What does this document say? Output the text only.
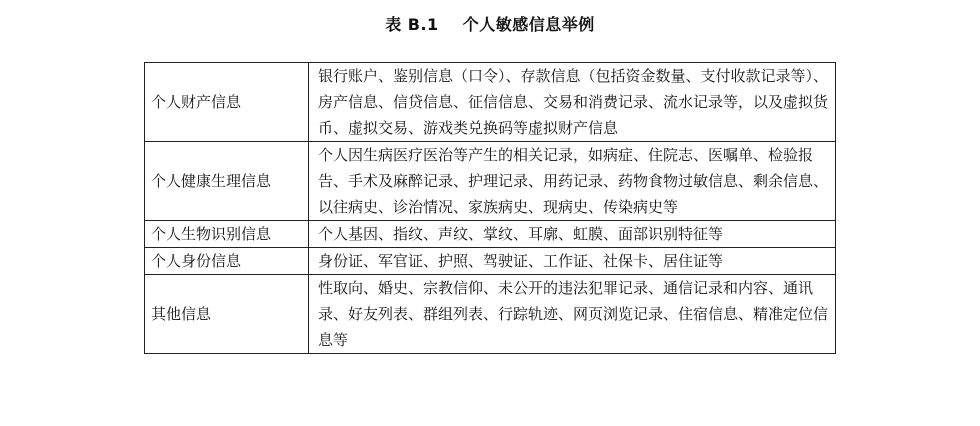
表 B.1 个人敏感信息举例
个人财产信息	银行账户、鉴别信息（口令）、存款信息（包括资金数量、支付收款记录等）、房产信息、信贷信息、征信信息、交易和消费记录、流水记录等，以及虚拟货币、虚拟交易、游戏类兑换码等虚拟财产信息
个人健康生理信息	个人因生病医疗医治等产生的相关记录，如病症、住院志、医嘱单、检验报告、手术及麻醉记录、护理记录、用药记录、药物食物过敏信息、剩余信息、以往病史、诊治情况、家族病史、现病史、传染病史等
个人生物识别信息	个人基因、指纹、声纹、掌纹、耳廓、虹膜、面部识别特征等
个人身份信息	身份证、军官证、护照、驾驶证、工作证、社保卡、居住证等
其他信息	性取向、婚史、宗教信仰、未公开的违法犯罪记录、通信记录和内容、通讯录、好友列表、群组列表、行踪轨迹、网页浏览记录、住宿信息、精准定位信息等
